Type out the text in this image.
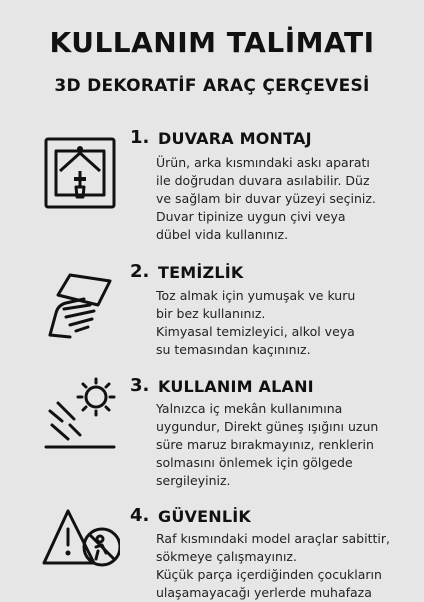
KULLANIM TALİMATI
3D DEKORATİF ARAÇ ÇERÇEVESİ
1. DUVARA MONTAJ
Ürün, arka kısmındaki askı aparatı
ile doğrudan duvara asılabilir. Düz
ve sağlam bir duvar yüzeyi seçiniz.
Duvar tipinize uygun çivi veya
dübel vida kullanınız.
2. TEMİZLİK
Toz almak için yumuşak ve kuru
bir bez kullanınız.
Kimyasal temizleyici, alkol veya
su temasından kaçınınız.
3. KULLANIM ALANI
Yalnızca iç mekân kullanımına
uygundur, Direkt güneş ışığını uzun
süre maruz bırakmayınız, renklerin
solmasını önlemek için gölgede
sergileyiniz.
4. GÜVENLİK
Raf kısmındaki model araçlar sabittir,
sökmeye çalışmayınız.
Küçük parça içerdiğinden çocukların
ulaşamayacağı yerlerde muhafaza
